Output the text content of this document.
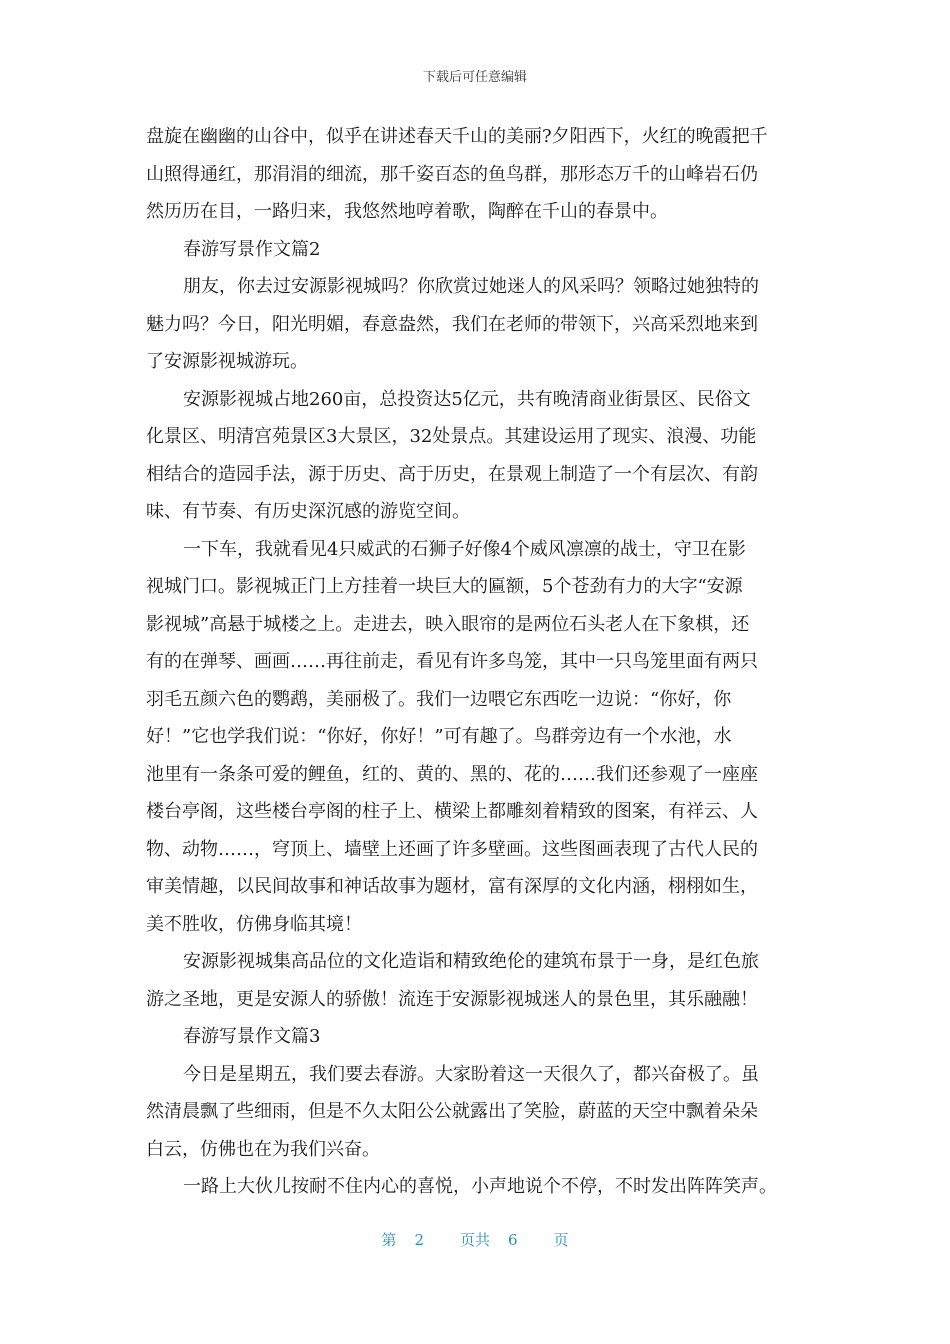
下载后可任意编辑
盘旋在幽幽的山谷中，似乎在讲述春天千山的美丽?夕阳西下，火红的晚霞把千
山照得通红，那涓涓的细流，那千姿百态的鱼鸟群，那形态万千的山峰岩石仍
然历历在目，一路归来，我悠然地哼着歌，陶醉在千山的春景中。
春游写景作文篇2
朋友，你去过安源影视城吗？你欣赏过她迷人的风采吗？领略过她独特的
魅力吗？今日，阳光明媚，春意盎然，我们在老师的带领下，兴高采烈地来到
了安源影视城游玩。
安源影视城占地260亩，总投资达5亿元，共有晚清商业街景区、民俗文
化景区、明清宫苑景区3大景区，32处景点。其建设运用了现实、浪漫、功能
相结合的造园手法，源于历史、高于历史，在景观上制造了一个有层次、有韵
味、有节奏、有历史深沉感的游览空间。
一下车，我就看见4只威武的石狮子好像4个威风凛凛的战士，守卫在影
视城门口。影视城正门上方挂着一块巨大的匾额，5个苍劲有力的大字“安源
影视城”高悬于城楼之上。走进去，映入眼帘的是两位石头老人在下象棋，还
有的在弹琴、画画……再往前走，看见有许多鸟笼，其中一只鸟笼里面有两只
羽毛五颜六色的鹦鹉，美丽极了。我们一边喂它东西吃一边说：“你好，你
好！”它也学我们说：“你好，你好！”可有趣了。鸟群旁边有一个水池，水
池里有一条条可爱的鲤鱼，红的、黄的、黑的、花的……我们还参观了一座座
楼台亭阁，这些楼台亭阁的柱子上、横梁上都雕刻着精致的图案，有祥云、人
物、动物……，穹顶上、墙壁上还画了许多壁画。这些图画表现了古代人民的
审美情趣，以民间故事和神话故事为题材，富有深厚的文化内涵，栩栩如生，
美不胜收，仿佛身临其境！
安源影视城集高品位的文化造诣和精致绝伦的建筑布景于一身，是红色旅
游之圣地，更是安源人的骄傲！流连于安源影视城迷人的景色里，其乐融融！
春游写景作文篇3
今日是星期五，我们要去春游。大家盼着这一天很久了，都兴奋极了。虽
然清晨飘了些细雨，但是不久太阳公公就露出了笑脸，蔚蓝的天空中飘着朵朵
白云，仿佛也在为我们兴奋。
一路上大伙儿按耐不住内心的喜悦，小声地说个不停，不时发出阵阵笑声。
第 2 页共 6 页
